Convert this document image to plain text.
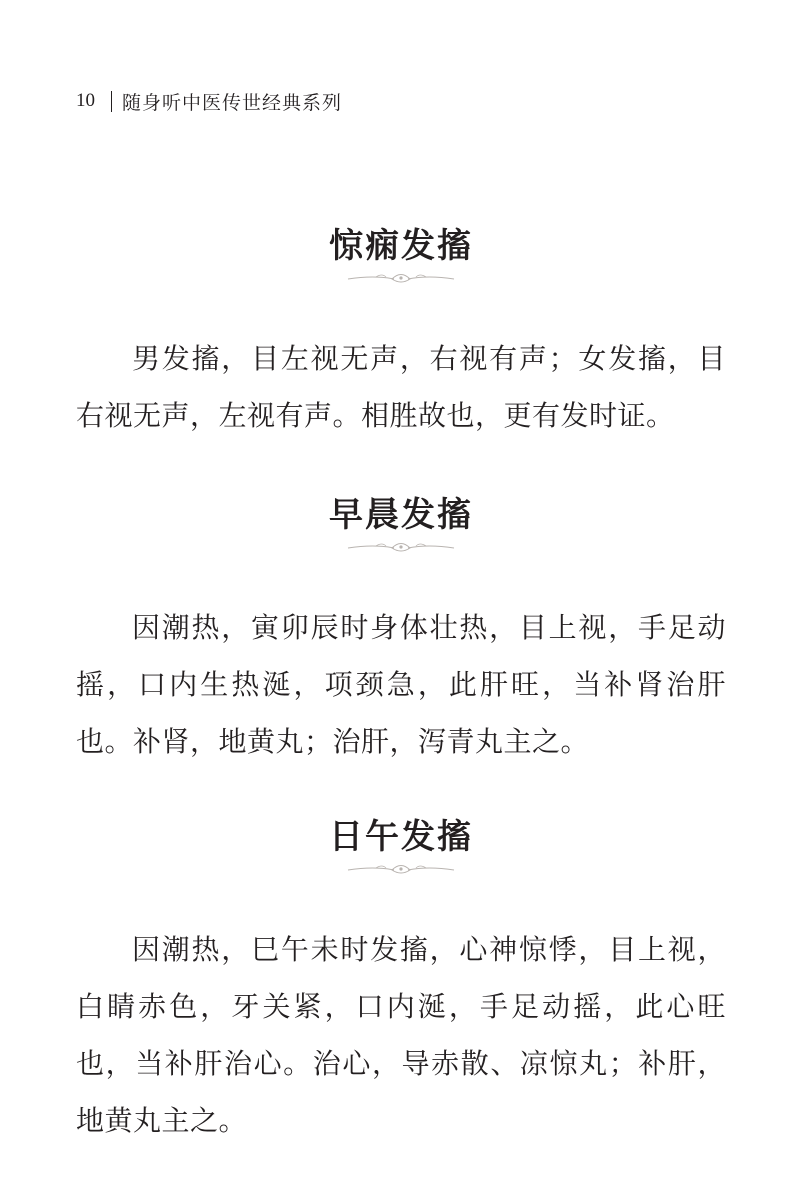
10 随身听中医传世经典系列
惊痫发搐

男发搐，目左视无声，右视有声；女发搐，目右视无声，左视有声。相胜故也，更有发时证。

早晨发搐

因潮热，寅卯辰时身体壮热，目上视，手足动摇，口内生热涎，项颈急，此肝旺，当补肾治肝也。补肾，地黄丸；治肝，泻青丸主之。

日午发搐

因潮热，巳午未时发搐，心神惊悸，目上视，白睛赤色，牙关紧，口内涎，手足动摇，此心旺也，当补肝治心。治心，导赤散、凉惊丸；补肝，地黄丸主之。
